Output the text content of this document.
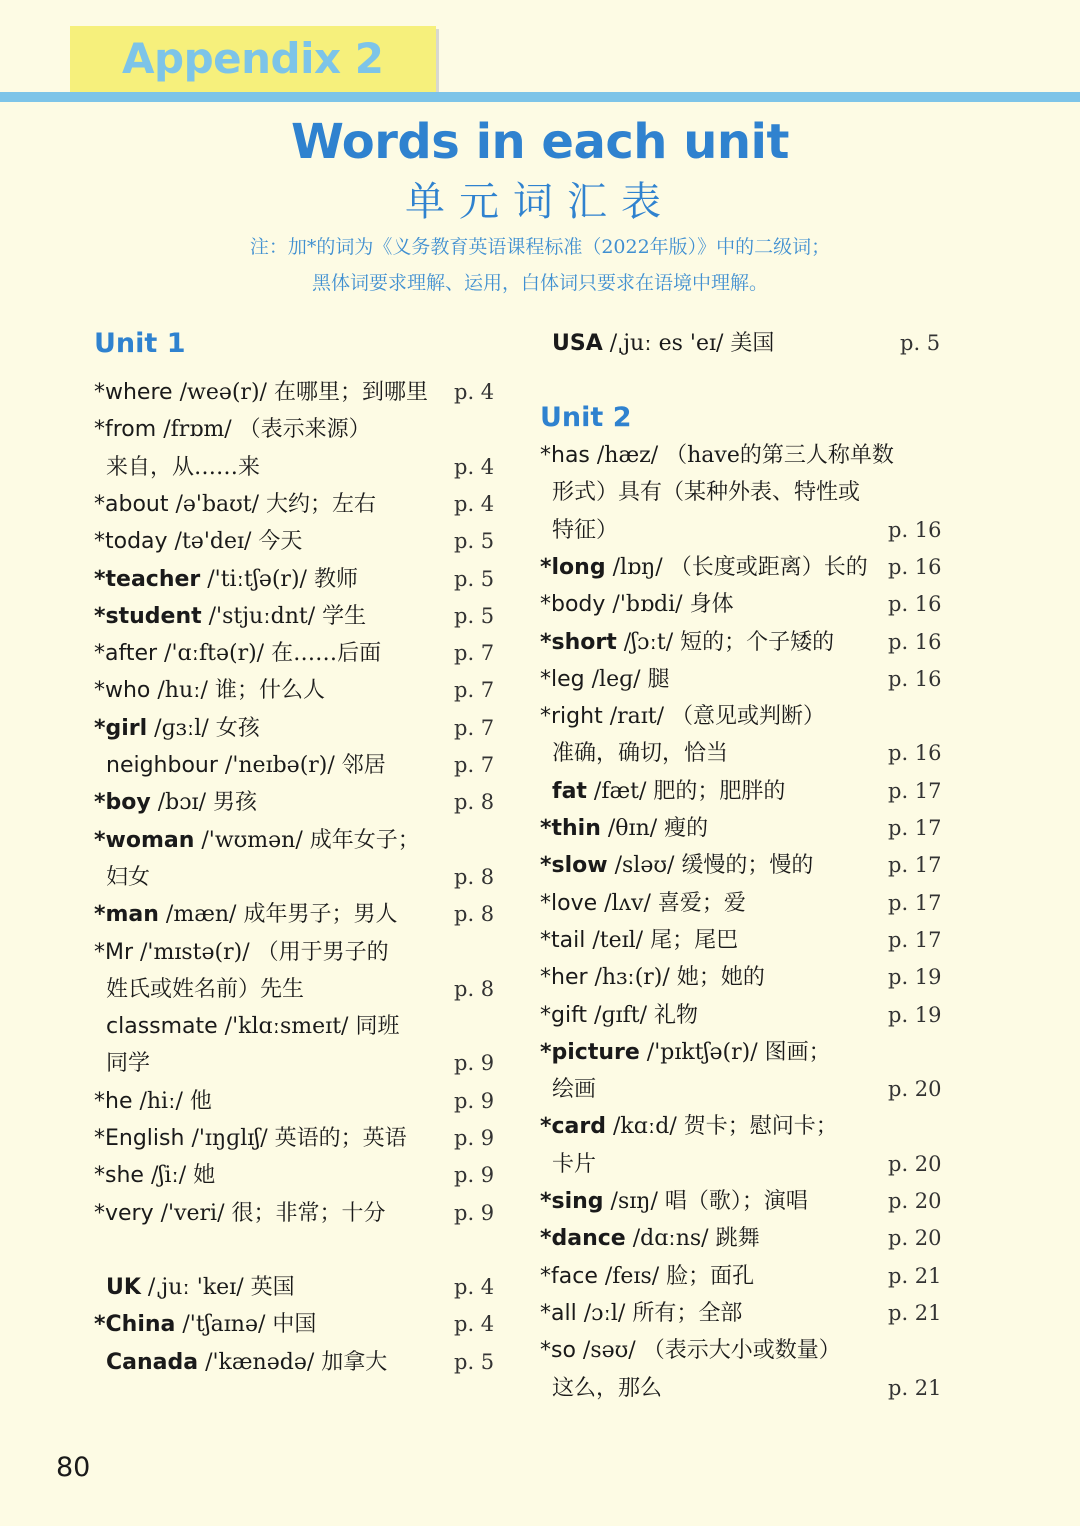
Appendix 2
Words in each unit
单元词汇表
注：加*的词为《义务教育英语课程标准（2022年版）》中的二级词；
黑体词要求理解、运用，白体词只要求在语境中理解。
Unit 1
Unit 2
*where /weə(r)/ 在哪里；到哪里 p. 4
*from /frɒm/ （表示来源）
来自，从……来	p. 4
*about /ə'baʊt/ 大约；左右	p. 4
*today /tə'deɪ/ 今天	p. 5
*teacher /'tiːtʃə(r)/ 教师	p. 5
*student /'stjuːdnt/ 学生	p. 5
*after /'ɑːftə(r)/ 在……后面	p. 7
*who /huː/ 谁；什么人	p. 7
*girl /ɡɜːl/ 女孩	p. 7
neighbour /'neɪbə(r)/ 邻居	p. 7
*boy /bɔɪ/ 男孩	p. 8
*woman /'wʊmən/ 成年女子；
妇女	p. 8
*man /mæn/ 成年男子；男人	p. 8
*Mr /'mɪstə(r)/ （用于男子的
姓氏或姓名前）先生	p. 8
classmate /'klɑːsmeɪt/ 同班
同学	p. 9
*he /hiː/ 他	p. 9
*English /'ɪŋɡlɪʃ/ 英语的；英语 p. 9
*she /ʃiː/ 她	p. 9
*very /'veri/ 很；非常；十分	p. 9
UK /ˌjuː 'keɪ/ 英国	p. 4
*China /'tʃaɪnə/ 中国	p. 4
Canada /'kænədə/ 加拿大	p. 5
USA /ˌjuː es 'eɪ/ 美国	p. 5
*has /hæz/ （have的第三人称单数
形式）具有（某种外表、特性或
特征）	p. 16
*long /lɒŋ/ （长度或距离）长的 p. 16
*body /'bɒdi/ 身体	p. 16
*short /ʃɔːt/ 短的；个子矮的	p. 16
*leg /leɡ/ 腿	p. 16
*right /raɪt/ （意见或判断）
准确，确切，恰当	p. 16
fat /fæt/ 肥的；肥胖的	p. 17
*thin /θɪn/ 瘦的	p. 17
*slow /sləʊ/ 缓慢的；慢的	p. 17
*love /lʌv/ 喜爱；爱	p. 17
*tail /teɪl/ 尾；尾巴	p. 17
*her /hɜː(r)/ 她；她的	p. 19
*gift /ɡɪft/ 礼物	p. 19
*picture /'pɪktʃə(r)/ 图画；
绘画	p. 20
*card /kɑːd/ 贺卡；慰问卡；
卡片	p. 20
*sing /sɪŋ/ 唱（歌）；演唱	p. 20
*dance /dɑːns/ 跳舞	p. 20
*face /feɪs/ 脸；面孔	p. 21
*all /ɔːl/ 所有；全部	p. 21
*so /səʊ/ （表示大小或数量）
这么，那么	p. 21
80
